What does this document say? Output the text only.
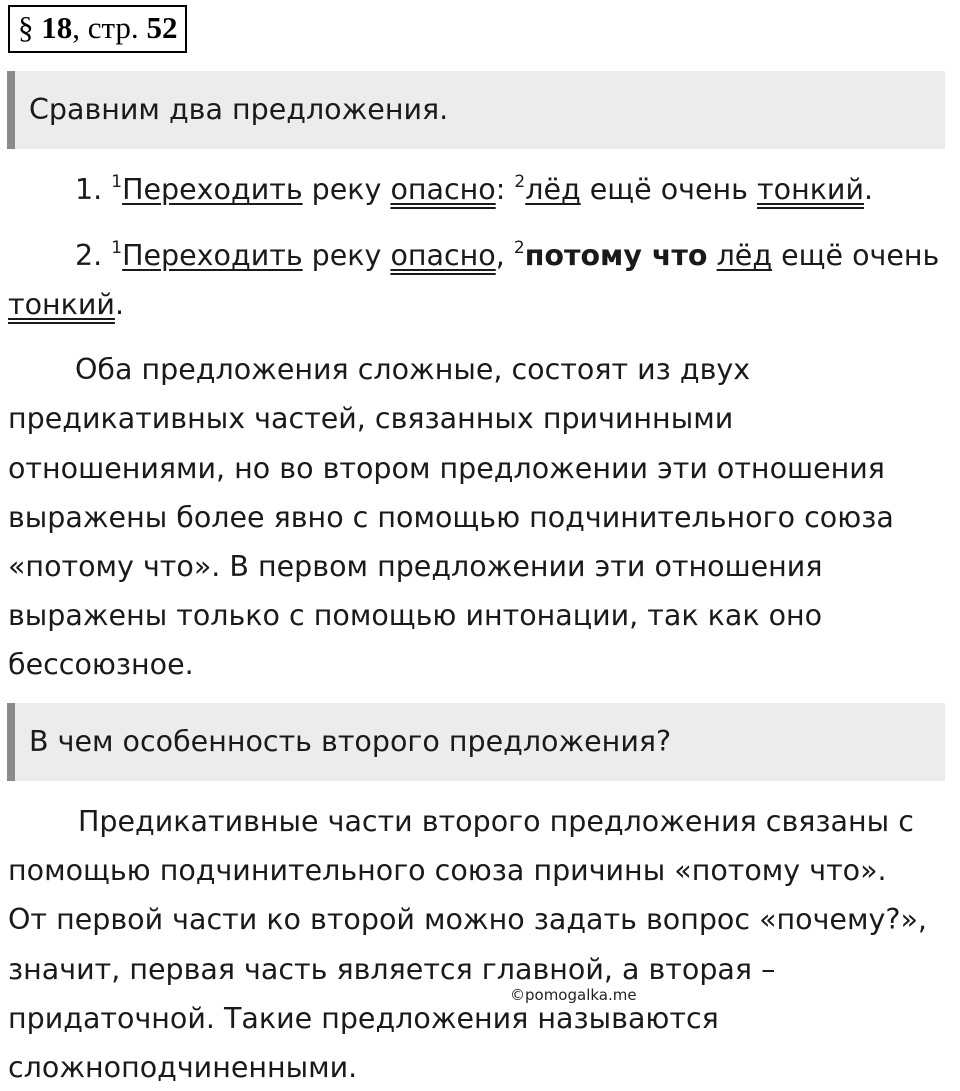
§ 18, стр. 52
Сравним два предложения.
1. $^1$Переходить реку опасно: $^2$лёд ещё очень тонкий.
2. $^1$Переходить реку опасно, $^2$потому что лёд ещё очень
тонкий.
Оба предложения сложные, состоят из двух
предикативных частей, связанных причинными
отношениями, но во втором предложении эти отношения
выражены более явно с помощью подчинительного союза
«потому что». В первом предложении эти отношения
выражены только с помощью интонации, так как оно
бессоюзное.
В чем особенность второго предложения?
Предикативные части второго предложения связаны с
помощью подчинительного союза причины «потому что».
От первой части ко второй можно задать вопрос «почему?»,
значит, первая часть является главной, а вторая –
придаточной. Такие предложения называются
сложноподчиненными.
©pomogalka.me
